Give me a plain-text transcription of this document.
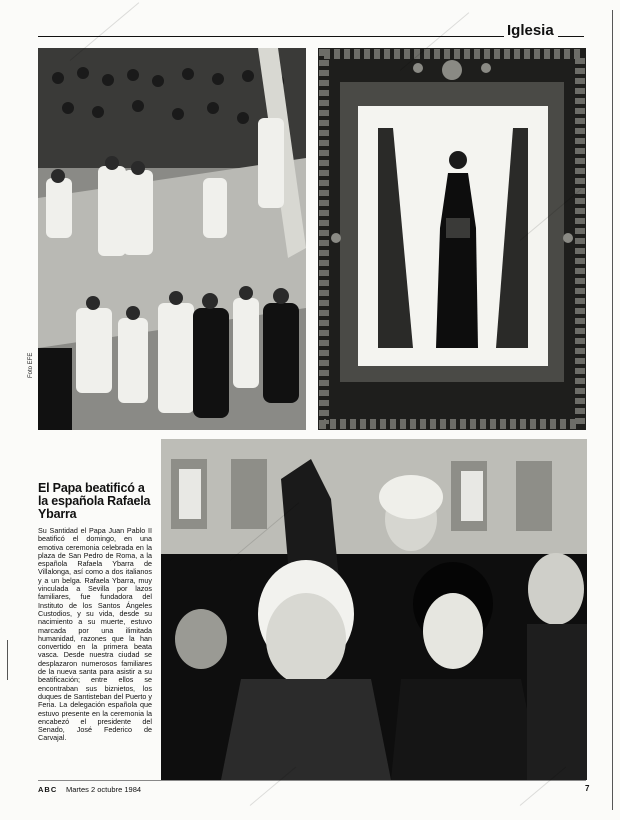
Iglesia
Foto EFE
El Papa beatificó a la española Rafaela Ybarra
Su Santidad el Papa Juan Pablo II beatificó el domingo, en una emotiva ceremonia celebrada en la plaza de San Pedro de Roma, a la española Rafaela Ybarra de Villalonga, así como a dos italianos y a un belga. Rafaela Ybarra, muy vinculada a Sevilla por lazos familiares, fue fundadora del Instituto de los Santos Ángeles Custodios, y su vida, desde su nacimiento a su muerte, estuvo marcada por una ilimitada humanidad, razones que la han convertido en la primera beata vasca. Desde nuestra ciudad se desplazaron numerosos familiares de la nueva santa para asistir a su beatificación; entre ellos se encontraban sus biznietos, los duques de Santisteban del Puerto y Feria. La delegación española que estuvo presente en la ceremonia la encabezó el presidente del Senado, José Federico de Carvajal.
ABC Martes 2 octubre 1984	7
